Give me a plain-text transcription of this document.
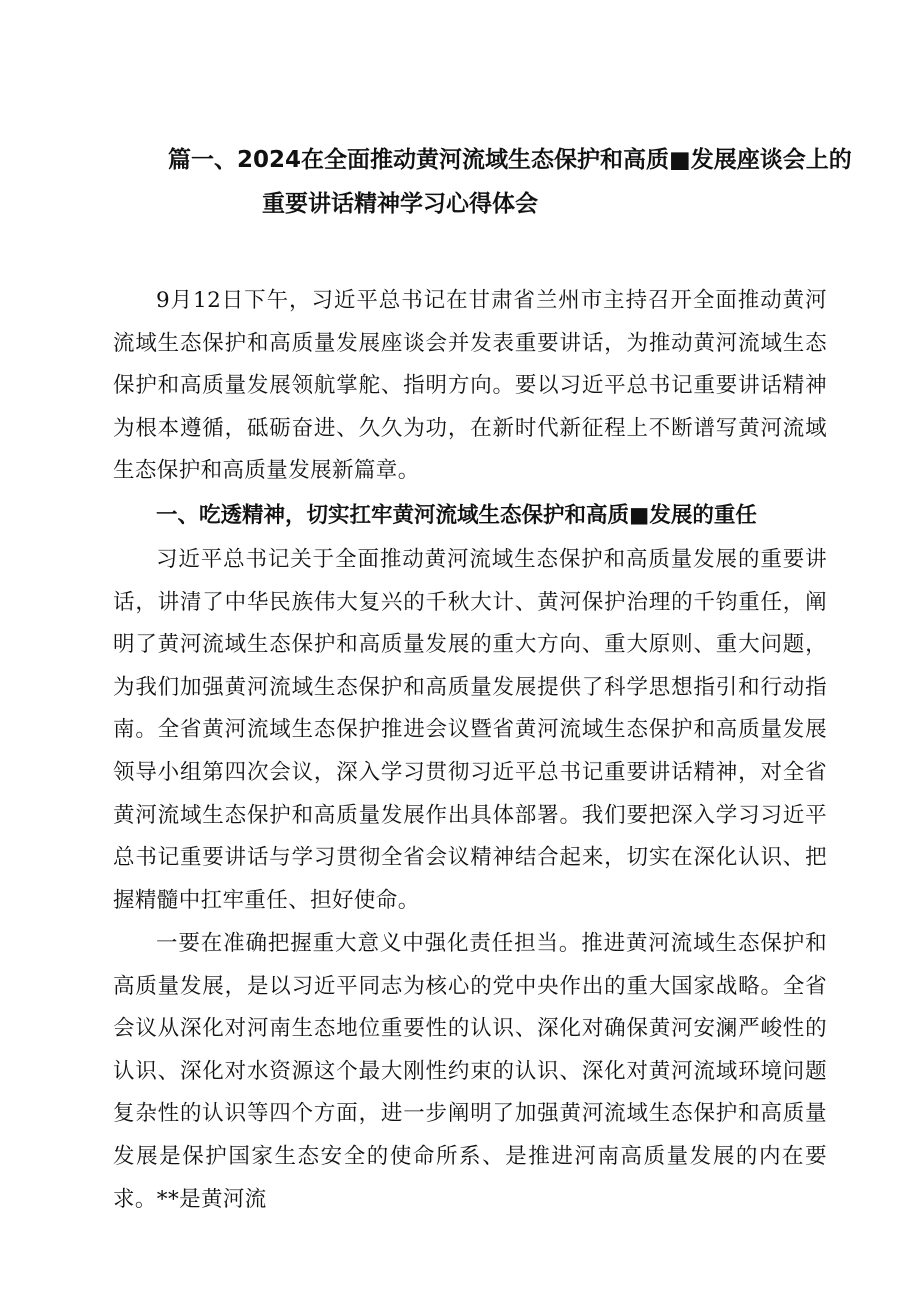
篇一、2024在全面推动黄河流域生态保护和高质■发展座谈会上的
重要讲话精神学习心得体会

9月12日下午，习近平总书记在甘肃省兰州市主持召开全面推动黄河流域生态保护和高质量发展座谈会并发表重要讲话，为推动黄河流域生态保护和高质量发展领航掌舵、指明方向。要以习近平总书记重要讲话精神为根本遵循，砥砺奋进、久久为功，在新时代新征程上不断谱写黄河流域生态保护和高质量发展新篇章。

一、吃透精神，切实扛牢黄河流域生态保护和高质■发展的重任

习近平总书记关于全面推动黄河流域生态保护和高质量发展的重要讲话，讲清了中华民族伟大复兴的千秋大计、黄河保护治理的千钧重任，阐明了黄河流域生态保护和高质量发展的重大方向、重大原则、重大问题，为我们加强黄河流域生态保护和高质量发展提供了科学思想指引和行动指南。全省黄河流域生态保护推进会议暨省黄河流域生态保护和高质量发展领导小组第四次会议，深入学习贯彻习近平总书记重要讲话精神，对全省黄河流域生态保护和高质量发展作出具体部署。我们要把深入学习习近平总书记重要讲话与学习贯彻全省会议精神结合起来，切实在深化认识、把握精髓中扛牢重任、担好使命。

一要在准确把握重大意义中强化责任担当。推进黄河流域生态保护和高质量发展，是以习近平同志为核心的党中央作出的重大国家战略。全省会议从深化对河南生态地位重要性的认识、深化对确保黄河安澜严峻性的认识、深化对水资源这个最大刚性约束的认识、深化对黄河流域环境问题复杂性的认识等四个方面，进一步阐明了加强黄河流域生态保护和高质量发展是保护国家生态安全的使命所系、是推进河南高质量发展的内在要求。**是黄河流
